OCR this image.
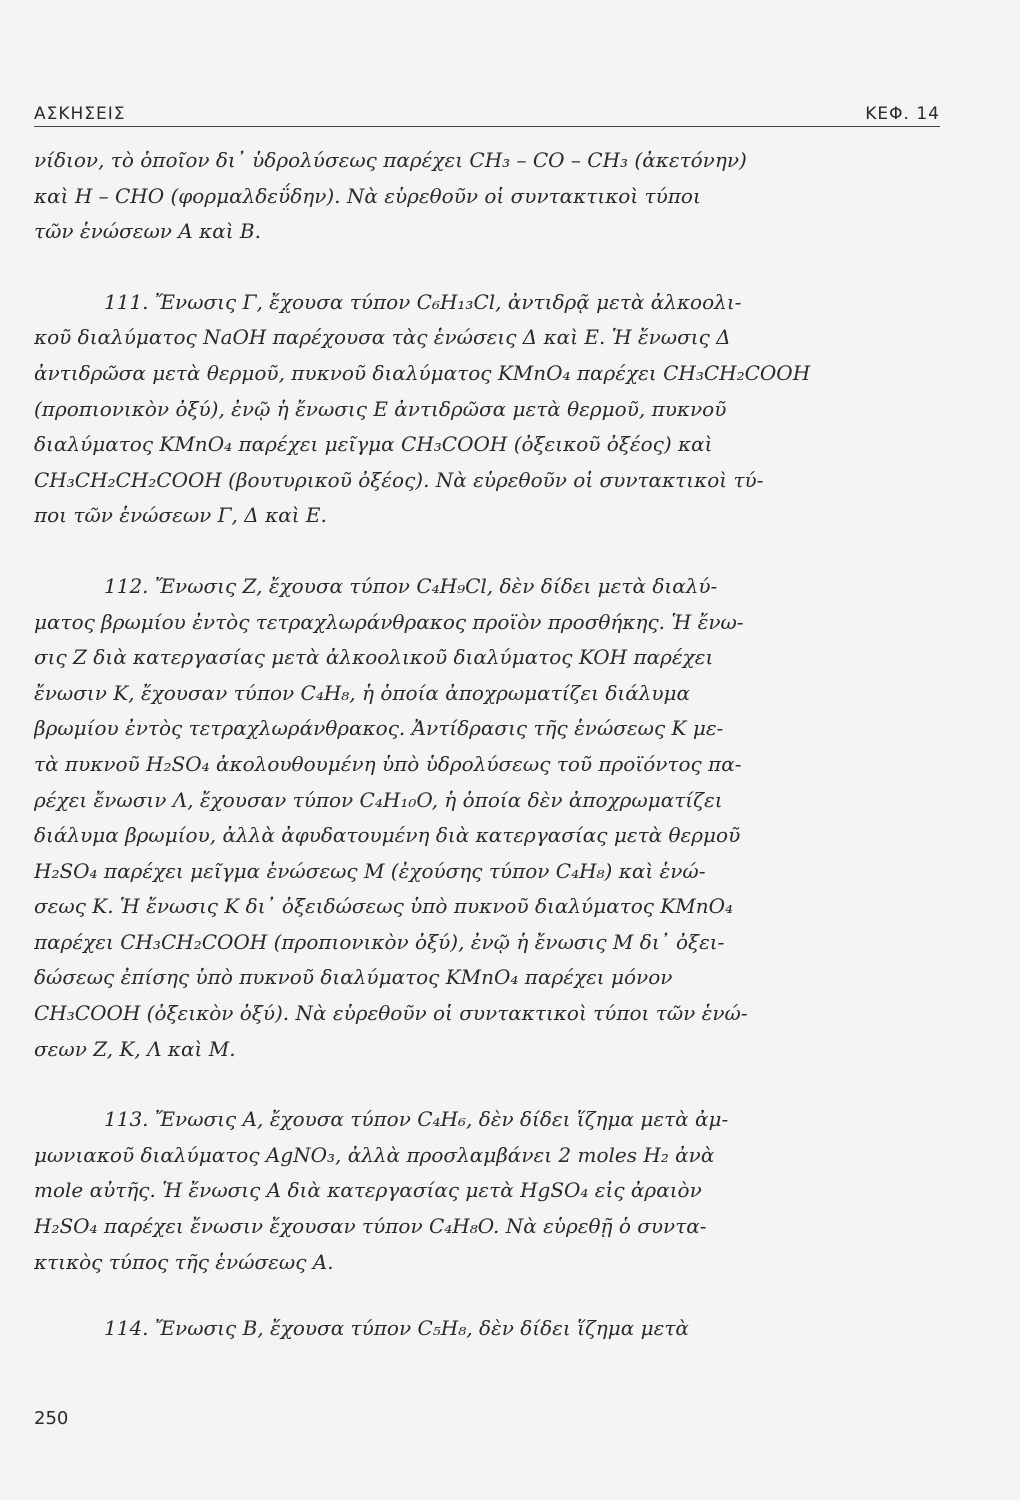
ΑΣΚΗΣΕΙΣ	ΚΕΦ. 14
νίδιον, τὸ ὁποῖον δι᾿ ὑδρολύσεως παρέχει CH₃ – CO – CH₃ (ἀκετόνην)
καὶ H – CHO (φορμαλδεΰδην). Νὰ εὑρεθοῦν οἱ συντακτικοὶ τύποι
τῶν ἑνώσεων A καὶ B.
111. Ἔνωσις Γ, ἔχουσα τύπον C₆H₁₃Cl, ἀντιδρᾷ μετὰ ἀλκοολι-
κοῦ διαλύματος NaOH παρέχουσα τὰς ἑνώσεις Δ καὶ E. Ἡ ἔνωσις Δ
ἀντιδρῶσα μετὰ θερμοῦ, πυκνοῦ διαλύματος KMnO₄ παρέχει CH₃CH₂COOH
(προπιονικὸν ὀξύ), ἐνῷ ἡ ἔνωσις E ἀντιδρῶσα μετὰ θερμοῦ, πυκνοῦ
διαλύματος KMnO₄ παρέχει μεῖγμα CH₃COOH (ὀξεικοῦ ὀξέος) καὶ
CH₃CH₂CH₂COOH (βουτυρικοῦ ὀξέος). Νὰ εὑρεθοῦν οἱ συντακτικοὶ τύ-
ποι τῶν ἑνώσεων Γ, Δ καὶ E.
112. Ἔνωσις Z, ἔχουσα τύπον C₄H₉Cl, δὲν δίδει μετὰ διαλύ-
ματος βρωμίου ἐντὸς τετραχλωράνθρακος προϊὸν προσθήκης. Ἡ ἔνω-
σις Z διὰ κατεργασίας μετὰ ἀλκοολικοῦ διαλύματος KOH παρέχει
ἔνωσιν K, ἔχουσαν τύπον C₄H₈, ἡ ὁποία ἀποχρωματίζει διάλυμα
βρωμίου ἐντὸς τετραχλωράνθρακος. Ἀντίδρασις τῆς ἑνώσεως K με-
τὰ πυκνοῦ H₂SO₄ ἀκολουθουμένη ὑπὸ ὑδρολύσεως τοῦ προϊόντος πα-
ρέχει ἔνωσιν Λ, ἔχουσαν τύπον C₄H₁₀O, ἡ ὁποία δὲν ἀποχρωματίζει
διάλυμα βρωμίου, ἀλλὰ ἀφυδατουμένη διὰ κατεργασίας μετὰ θερμοῦ
H₂SO₄ παρέχει μεῖγμα ἑνώσεως M (ἐχούσης τύπον C₄H₈) καὶ ἑνώ-
σεως K. Ἡ ἔνωσις K δι᾿ ὀξειδώσεως ὑπὸ πυκνοῦ διαλύματος KMnO₄
παρέχει CH₃CH₂COOH (προπιονικὸν ὀξύ), ἐνῷ ἡ ἔνωσις M δι᾿ ὀξει-
δώσεως ἐπίσης ὑπὸ πυκνοῦ διαλύματος KMnO₄ παρέχει μόνον
CH₃COOH (ὀξεικὸν ὀξύ). Νὰ εὑρεθοῦν οἱ συντακτικοὶ τύποι τῶν ἑνώ-
σεων Z, K, Λ καὶ M.
113. Ἔνωσις A, ἔχουσα τύπον C₄H₆, δὲν δίδει ἵζημα μετὰ ἀμ-
μωνιακοῦ διαλύματος AgNO₃, ἀλλὰ προσλαμβάνει 2 moles H₂ ἀνὰ
mole αὐτῆς. Ἡ ἔνωσις A διὰ κατεργασίας μετὰ HgSO₄ εἰς ἀραιὸν
H₂SO₄ παρέχει ἔνωσιν ἔχουσαν τύπον C₄H₈O. Νὰ εὑρεθῇ ὁ συντα-
κτικὸς τύπος τῆς ἑνώσεως A.
114. Ἔνωσις B, ἔχουσα τύπον C₅H₈, δὲν δίδει ἵζημα μετὰ
250
